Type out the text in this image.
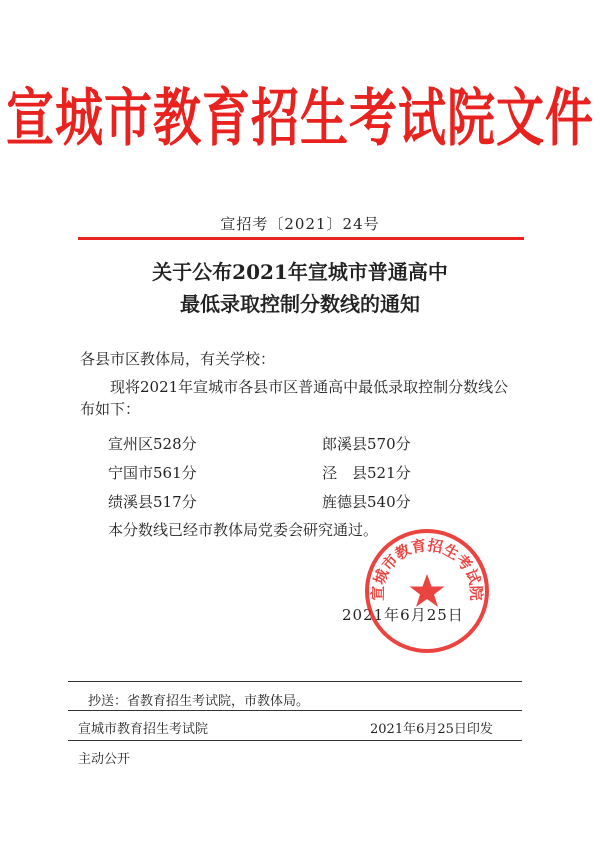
宣城市教育招生考试院文件
宣招考〔2021〕24号
关于公布2021年宣城市普通高中
最低录取控制分数线的通知
各县市区教体局，有关学校：
现将2021年宣城市各县市区普通高中最低录取控制分数线公布如下：
宣州区528分	郎溪县570分
宁国市561分	泾　县521分
绩溪县517分	旌德县540分
本分数线已经市教体局党委会研究通过。
2021年6月25日
宣城市教育招生考试院
抄送：省教育招生考试院，市教体局。
宣城市教育招生考试院	2021年6月25日印发
主动公开
